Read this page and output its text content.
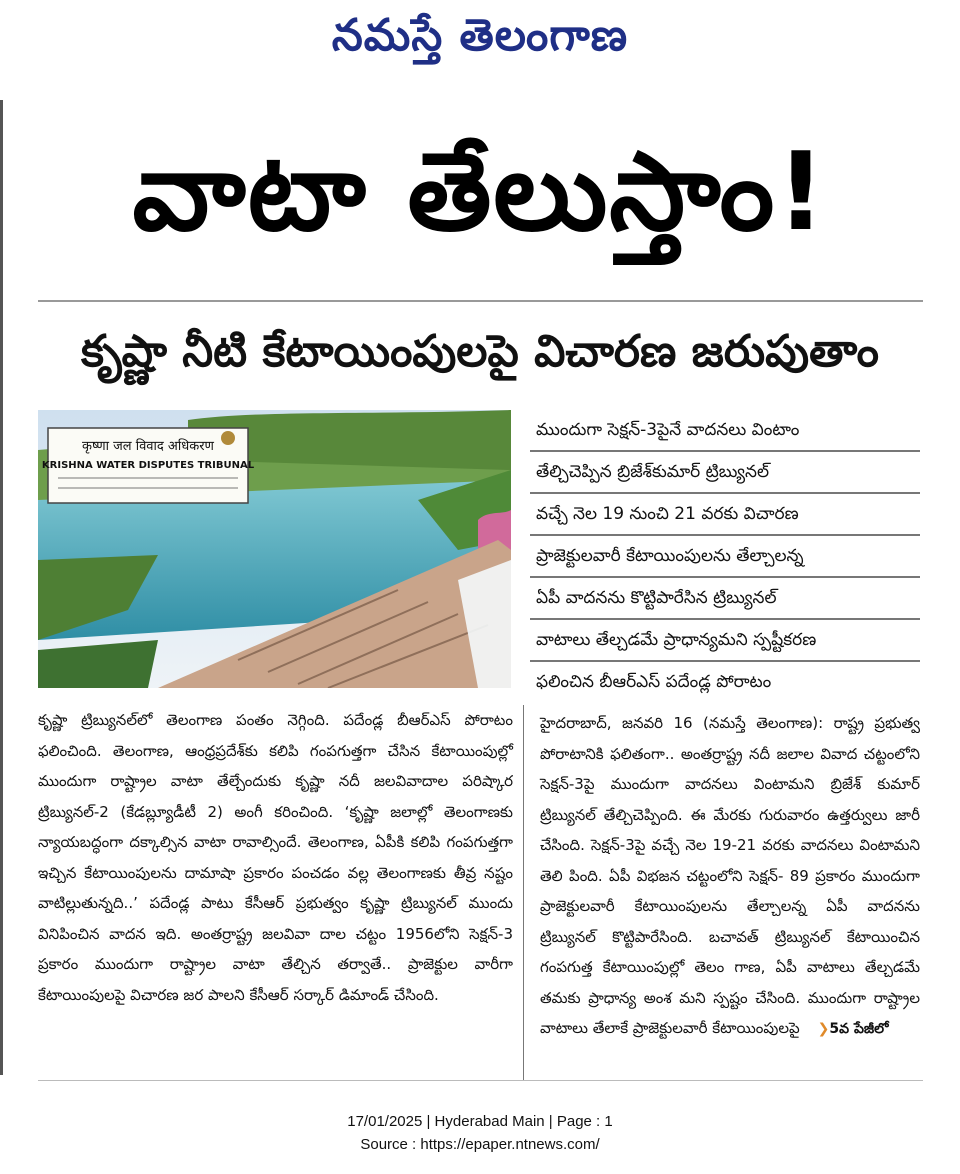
నమస్తే తెలంగాణ
వాటా తేలుస్తాం!
కృష్ణా నీటి కేటాయింపులపై విచారణ జరుపుతాం
कृष्णा जल विवाद अधिकरण
KRISHNA WATER DISPUTES TRIBUNAL
ముందుగా సెక్షన్‌-3పైనే వాదనలు వింటాం
తేల్చిచెప్పిన బ్రిజేశ్‌కుమార్‌ ట్రిబ్యునల్‌
వచ్చే నెల 19 నుంచి 21 వరకు విచారణ
ప్రాజెక్టులవారీ కేటాయింపులను తేల్చాలన్న
ఏపీ వాదనను కొట్టిపారేసిన ట్రిబ్యునల్‌
వాటాలు తేల్చడమే ప్రాధాన్యమని స్పష్టీకరణ
ఫలించిన బీఆర్‌ఎస్‌ పదేండ్ల పోరాటం

కృష్ణా ట్రిబ్యునల్‌లో తెలంగాణ పంతం నెగ్గింది. పదేండ్ల బీఆర్‌ఎస్‌ పోరాటం ఫలించింది. తెలంగాణ, ఆంధ్రప్రదేశ్‌కు కలిపి గంపగుత్తగా చేసిన కేటాయింపుల్లో ముందుగా రాష్ట్రాల వాటా తేల్చేందుకు కృష్ణా నదీ జలవివాదాల పరిష్కార ట్రిబ్యునల్‌-2 (కేడబ్ల్యూడీటీ 2) అంగీ కరించింది. ‘కృష్ణా జలాల్లో తెలంగాణకు న్యాయబద్ధంగా దక్కాల్సిన వాటా రావాల్సిందే. తెలంగాణ, ఏపీకి కలిపి గంపగుత్తగా ఇచ్చిన కేటాయింపులను దామాషా ప్రకారం పంచడం వల్ల తెలంగాణకు తీవ్ర నష్టం వాటిల్లుతున్నది..’ పదేండ్ల పాటు కేసీఆర్‌ ప్రభుత్వం కృష్ణా ట్రిబ్యునల్‌ ముందు వినిపించిన వాదన ఇది. అంతర్రాష్ట్ర జలవివా దాల చట్టం 1956లోని సెక్షన్‌-3 ప్రకారం ముందుగా రాష్ట్రాల వాటా తేల్చిన తర్వాతే.. ప్రాజెక్టుల వారీగా కేటాయింపులపై విచారణ జర పాలని కేసీఆర్‌ సర్కార్‌ డిమాండ్‌ చేసింది.

హైదరాబాద్‌, జనవరి 16 (నమస్తే తెలంగాణ): రాష్ట్ర ప్రభుత్వ పోరాటానికి ఫలితంగా.. అంతర్రాష్ట్ర నదీ జలాల వివాద చట్టంలోని సెక్షన్‌-3పై ముందుగా వాదనలు వింటామని బ్రిజేశ్‌ కుమార్‌ ట్రిబ్యునల్‌ తేల్చిచెప్పింది. ఈ మేరకు గురువారం ఉత్తర్వులు జారీ చేసింది. సెక్షన్‌-3పై వచ్చే నెల 19-21 వరకు వాదనలు వింటామని తెలి పింది. ఏపీ విభజన చట్టంలోని సెక్షన్‌- 89 ప్రకారం ముందుగా ప్రాజెక్టులవారీ కేటాయింపులను తేల్చాలన్న ఏపీ వాదనను ట్రిబ్యునల్‌ కొట్టిపారేసింది. బచావత్‌ ట్రిబ్యునల్‌ కేటాయించిన గంపగుత్త కేటాయింపుల్లో తెలం గాణ, ఏపీ వాటాలు తేల్చడమే తమకు ప్రాధాన్య అంశ మని స్పష్టం చేసింది. ముందుగా రాష్ట్రాల వాటాలు తేలాకే ప్రాజెక్టులవారీ కేటాయింపులపై ❯5వ పేజీలో

17/01/2025 | Hyderabad Main | Page : 1
Source : https://epaper.ntnews.com/
